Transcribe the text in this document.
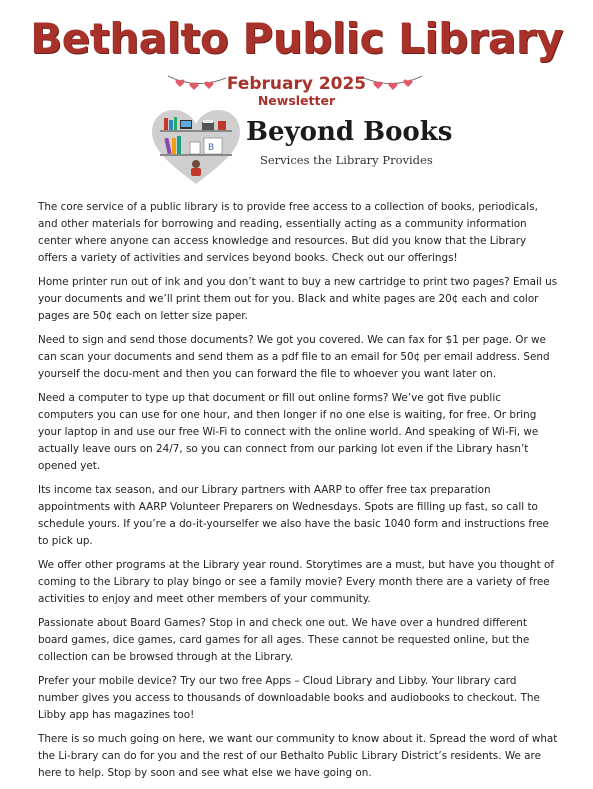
Bethalto Public Library
February 2025
Newsletter
B
Beyond Books
Services the Library Provides

The core service of a public library is to provide free access to a collection of books, periodicals, and other materials for borrowing and reading, essentially acting as a community information center where anyone can access knowledge and resources. But did you know that the Library offers a variety of activities and services beyond books. Check out our offerings!

Home printer run out of ink and you don’t want to buy a new cartridge to print two pages? Email us your documents and we’ll print them out for you. Black and white pages are 20¢ each and color pages are 50¢ each on letter size paper.

Need to sign and send those documents? We got you covered. We can fax for $1 per page. Or we can scan your documents and send them as a pdf file to an email for 50¢ per email address. Send yourself the docu-ment and then you can forward the file to whoever you want later on.

Need a computer to type up that document or fill out online forms? We’ve got five public computers you can use for one hour, and then longer if no one else is waiting, for free. Or bring your laptop in and use our free Wi-Fi to connect with the online world. And speaking of Wi-Fi, we actually leave ours on 24/7, so you can connect from our parking lot even if the Library hasn’t opened yet.

Its income tax season, and our Library partners with AARP to offer free tax preparation appointments with AARP Volunteer Preparers on Wednesdays. Spots are filling up fast, so call to schedule yours. If you’re a do-it-yourselfer we also have the basic 1040 form and instructions free to pick up.

We offer other programs at the Library year round. Storytimes are a must, but have you thought of coming to the Library to play bingo or see a family movie? Every month there are a variety of free activities to enjoy and meet other members of your community.

Passionate about Board Games? Stop in and check one out. We have over a hundred different board games, dice games, card games for all ages. These cannot be requested online, but the collection can be browsed through at the Library.

Prefer your mobile device? Try our two free Apps – Cloud Library and Libby. Your library card number gives you access to thousands of downloadable books and audiobooks to checkout. The Libby app has magazines too!

There is so much going on here, we want our community to know about it. Spread the word of what the Li-brary can do for you and the rest of our Bethalto Public Library District’s residents. We are here to help. Stop by soon and see what else we have going on.
